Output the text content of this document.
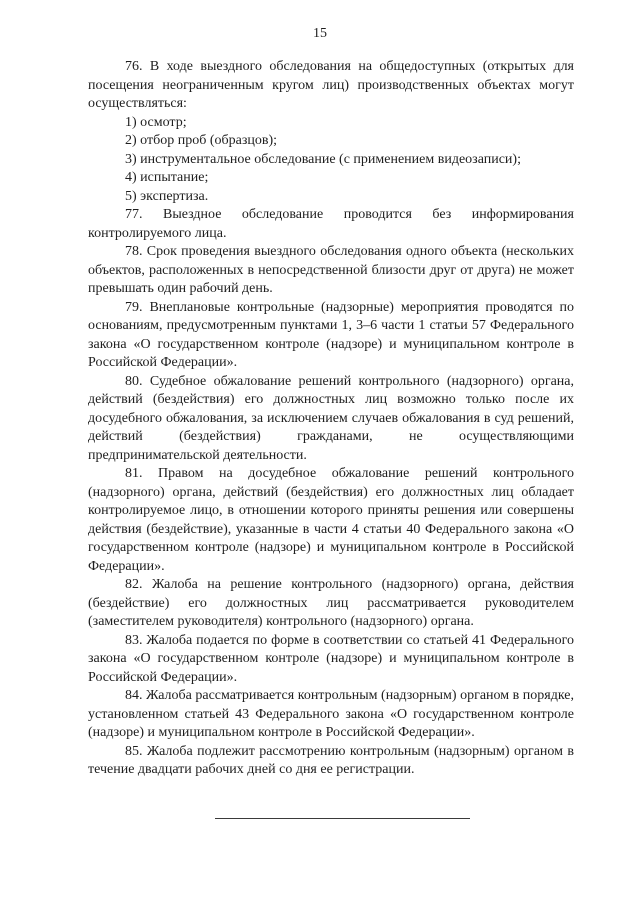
15

76. В ходе выездного обследования на общедоступных (открытых для посещения неограниченным кругом лиц) производственных объектах могут осуществляться:

1) осмотр;

2) отбор проб (образцов);

3) инструментальное обследование (с применением видеозаписи);

4) испытание;

5) экспертиза.

77. Выездное обследование проводится без информирования контролируемого лица.

78. Срок проведения выездного обследования одного объекта (нескольких объектов, расположенных в непосредственной близости друг от друга) не может превышать один рабочий день.

79. Внеплановые контрольные (надзорные) мероприятия проводятся по основаниям, предусмотренным пунктами 1, 3–6 части 1 статьи 57 Федерального закона «О государственном контроле (надзоре) и муниципальном контроле в Российской Федерации».

80. Судебное обжалование решений контрольного (надзорного) органа, действий (бездействия) его должностных лиц возможно только после их досудебного обжалования, за исключением случаев обжалования в суд решений, действий (бездействия) гражданами, не осуществляющими предпринимательской деятельности.

81. Правом на досудебное обжалование решений контрольного (надзорного) органа, действий (бездействия) его должностных лиц обладает контролируемое лицо, в отношении которого приняты решения или совершены действия (бездействие), указанные в части 4 статьи 40 Федерального закона «О государственном контроле (надзоре) и муниципальном контроле в Российской Федерации».

82. Жалоба на решение контрольного (надзорного) органа, действия (бездействие) его должностных лиц рассматривается руководителем (заместителем руководителя) контрольного (надзорного) органа.

83. Жалоба подается по форме в соответствии со статьей 41 Федерального закона «О государственном контроле (надзоре) и муниципальном контроле в Российской Федерации».

84. Жалоба рассматривается контрольным (надзорным) органом в порядке, установленном статьей 43 Федерального закона «О государственном контроле (надзоре) и муниципальном контроле в Российской Федерации».

85. Жалоба подлежит рассмотрению контрольным (надзорным) органом в течение двадцати рабочих дней со дня ее регистрации.
